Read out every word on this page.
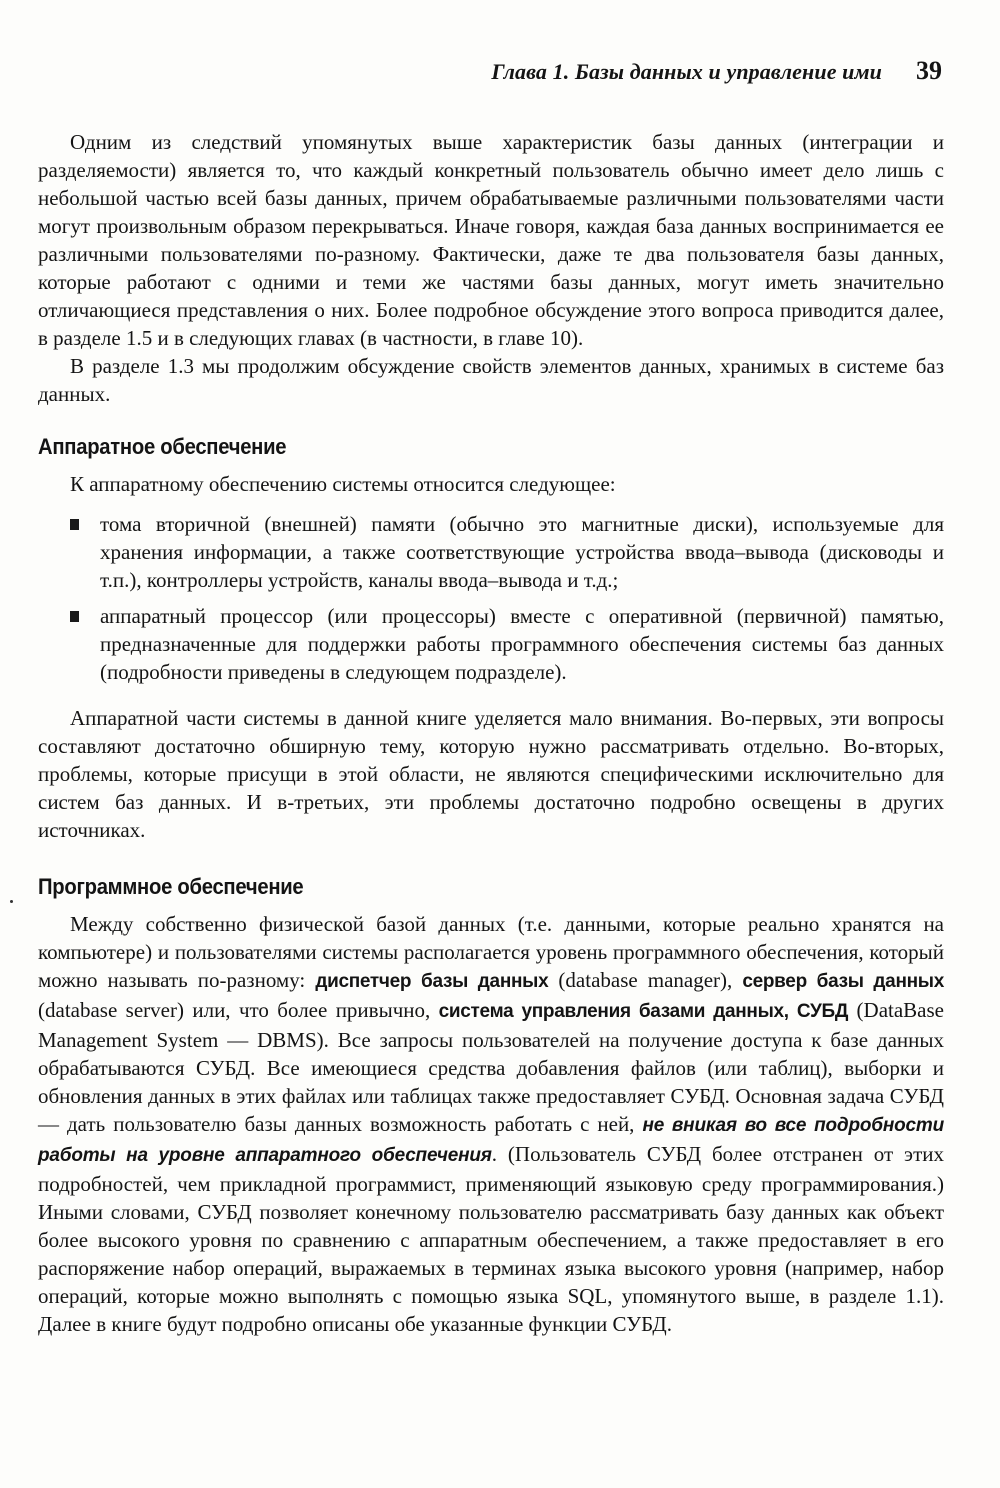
Глава 1. Базы данных и управление ими 39

Одним из следствий упомянутых выше характеристик базы данных (интеграции и разделяемости) является то, что каждый конкретный пользователь обычно имеет дело лишь с небольшой частью всей базы данных, причем обрабатываемые различными пользователями части могут произвольным образом перекрываться. Иначе говоря, каждая база данных воспринимается ее различными пользователями по-разному. Фактически, даже те два пользователя базы данных, которые работают с одними и теми же частями базы данных, могут иметь значительно отличающиеся представления о них. Более подробное обсуждение этого вопроса приводится далее, в разделе 1.5 и в следующих главах (в частности, в главе 10).

В разделе 1.3 мы продолжим обсуждение свойств элементов данных, хранимых в системе баз данных.

Аппаратное обеспечение

К аппаратному обеспечению системы относится следующее:

тома вторичной (внешней) памяти (обычно это магнитные диски), используемые для хранения информации, а также соответствующие устройства ввода–вывода (дисководы и т.п.), контроллеры устройств, каналы ввода–вывода и т.д.;

аппаратный процессор (или процессоры) вместе с оперативной (первичной) памятью, предназначенные для поддержки работы программного обеспечения системы баз данных (подробности приведены в следующем подразделе).

Аппаратной части системы в данной книге уделяется мало внимания. Во-первых, эти вопросы составляют достаточно обширную тему, которую нужно рассматривать отдельно. Во-вторых, проблемы, которые присущи в этой области, не являются специфическими исключительно для систем баз данных. И в-третьих, эти проблемы достаточно подробно освещены в других источниках.

Программное обеспечение

Между собственно физической базой данных (т.е. данными, которые реально хранятся на компьютере) и пользователями системы располагается уровень программного обеспечения, который можно называть по-разному: диспетчер базы данных (database manager), сервер базы данных (database server) или, что более привычно, система управления базами данных, СУБД (DataBase Management System — DBMS). Все запросы пользователей на получение доступа к базе данных обрабатываются СУБД. Все имеющиеся средства добавления файлов (или таблиц), выборки и обновления данных в этих файлах или таблицах также предоставляет СУБД. Основная задача СУБД — дать пользователю базы данных возможность работать с ней, не вникая во все подробности работы на уровне аппаратного обеспечения. (Пользователь СУБД более отстранен от этих подробностей, чем прикладной программист, применяющий языковую среду программирования.) Иными словами, СУБД позволяет конечному пользователю рассматривать базу данных как объект более высокого уровня по сравнению с аппаратным обеспечением, а также предоставляет в его распоряжение набор операций, выражаемых в терминах языка высокого уровня (например, набор операций, которые можно выполнять с помощью языка SQL, упомянутого выше, в разделе 1.1). Далее в книге будут подробно описаны обе указанные функции СУБД.
